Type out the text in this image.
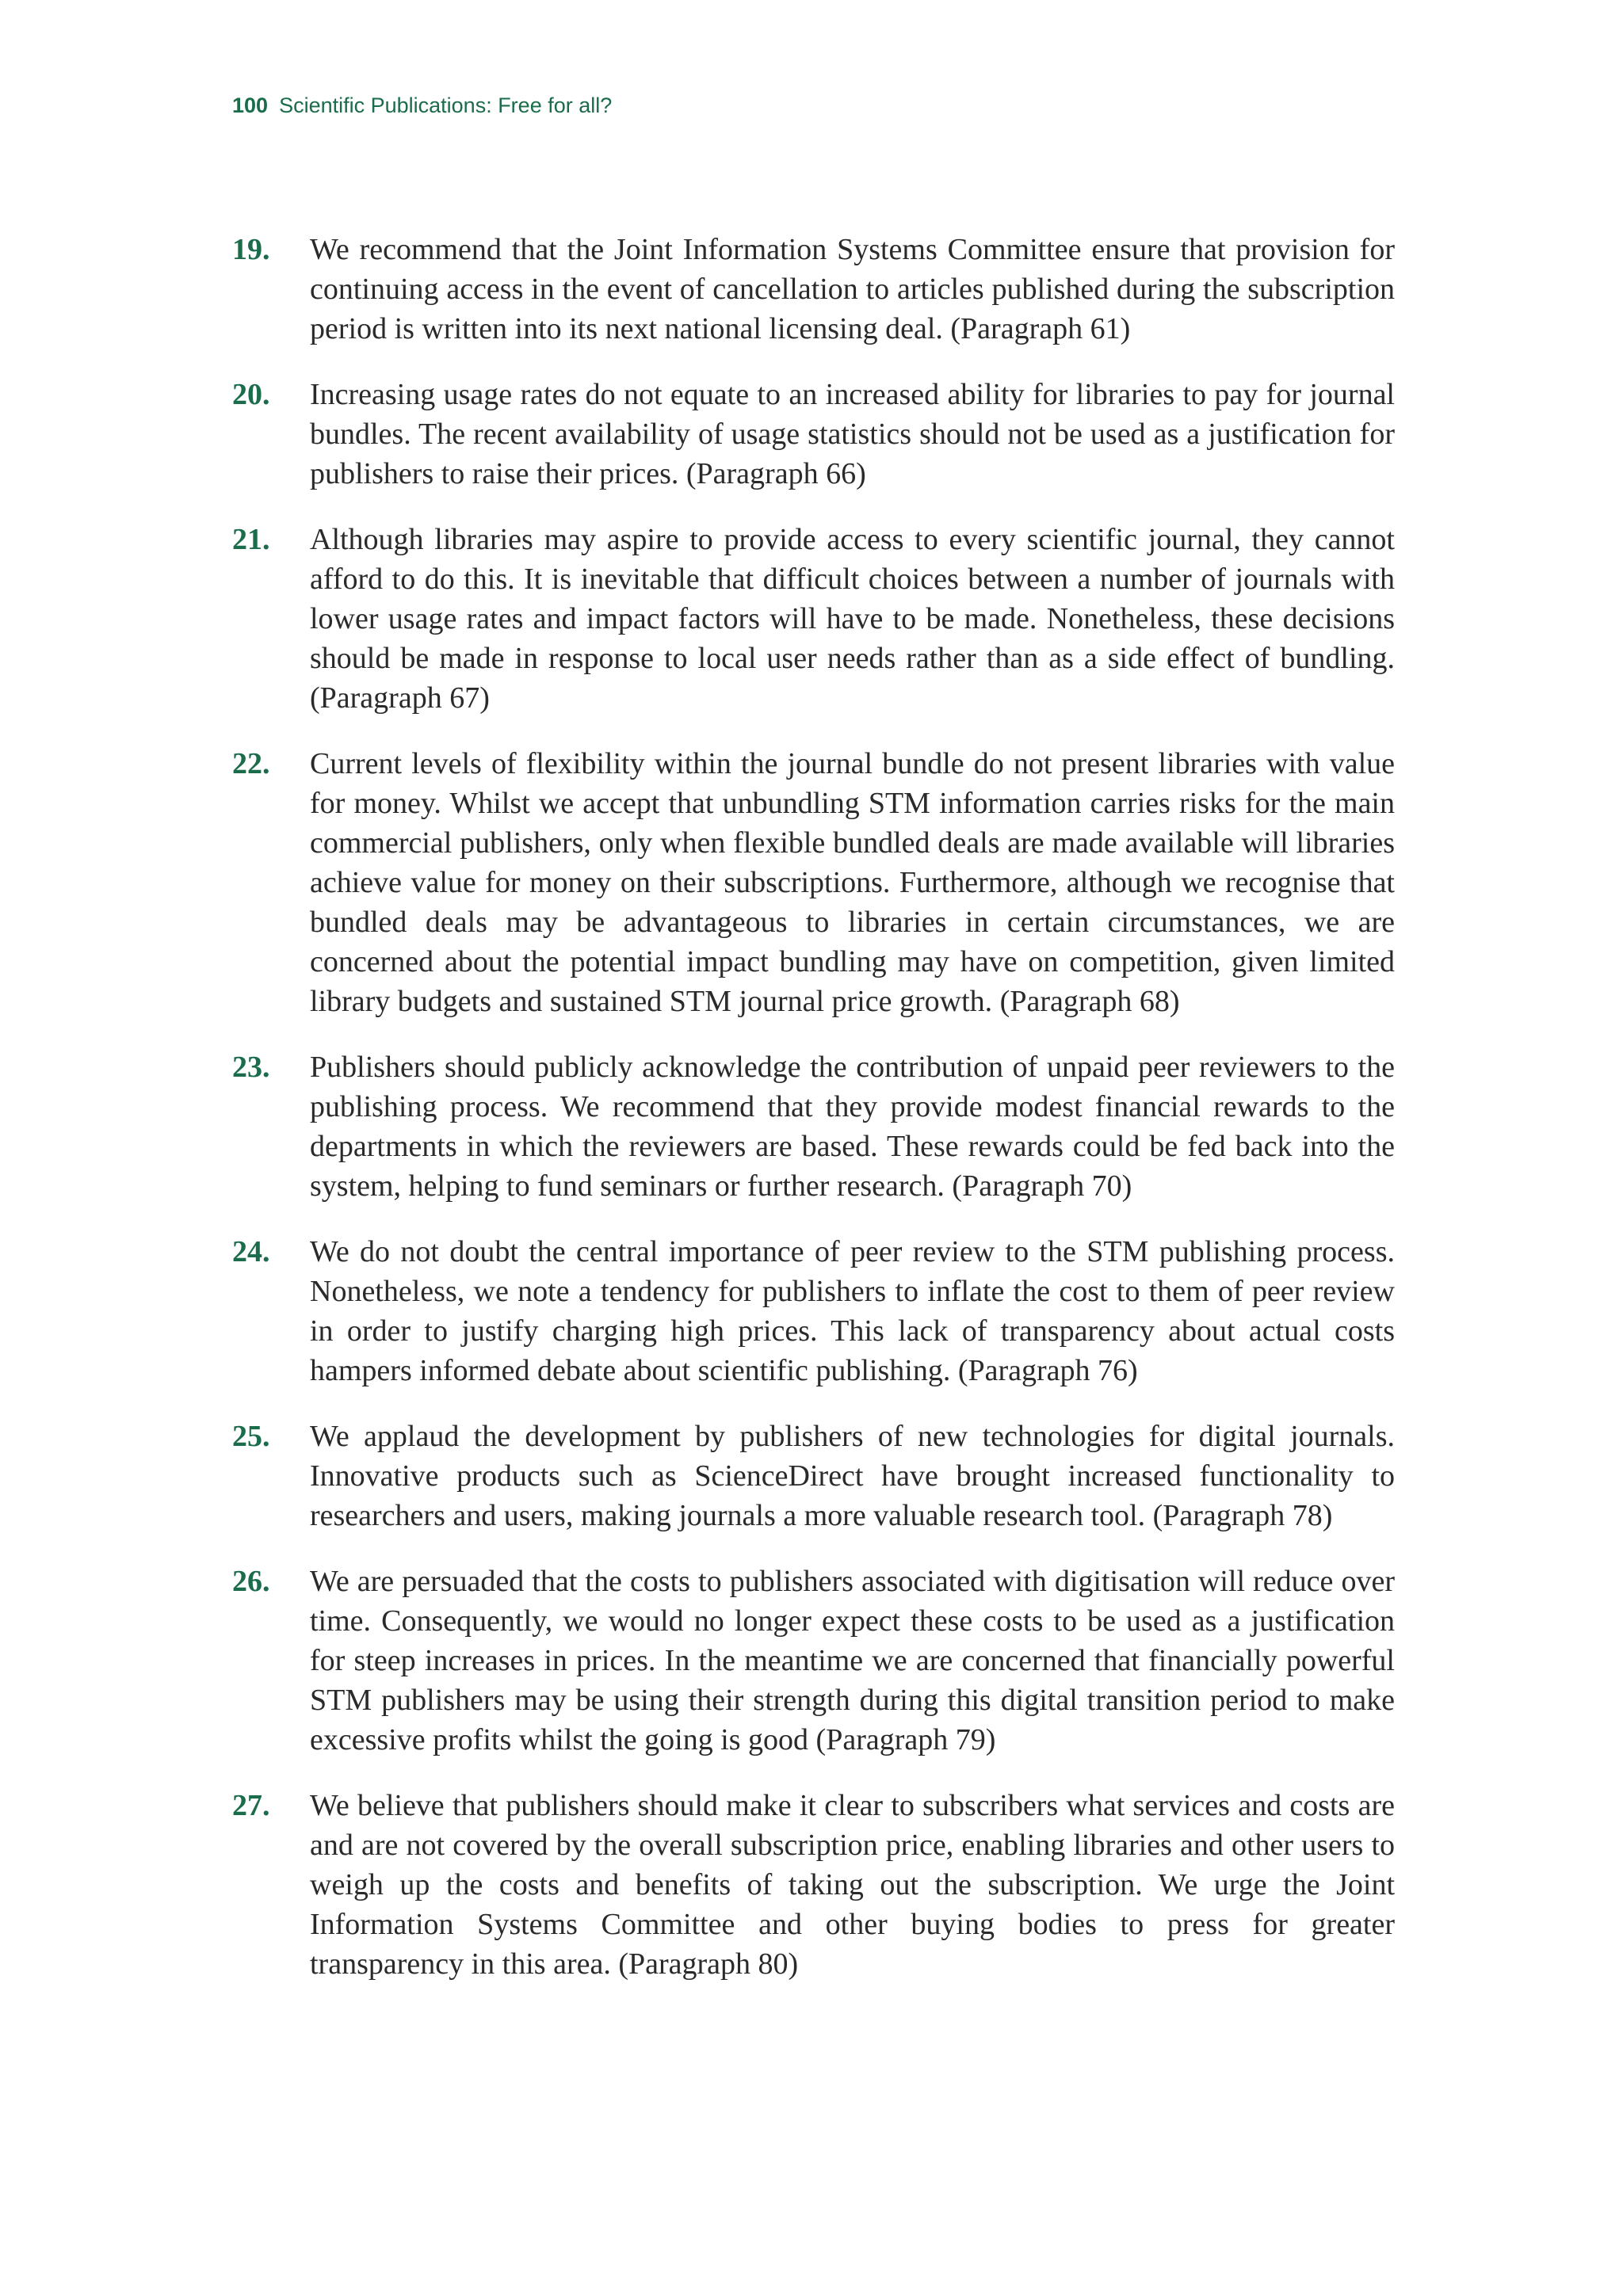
100 Scientific Publications: Free for all?
19. We recommend that the Joint Information Systems Committee ensure that provision for continuing access in the event of cancellation to articles published during the subscription period is written into its next national licensing deal. (Paragraph 61)
20. Increasing usage rates do not equate to an increased ability for libraries to pay for journal bundles. The recent availability of usage statistics should not be used as a justification for publishers to raise their prices. (Paragraph 66)
21. Although libraries may aspire to provide access to every scientific journal, they cannot afford to do this. It is inevitable that difficult choices between a number of journals with lower usage rates and impact factors will have to be made. Nonetheless, these decisions should be made in response to local user needs rather than as a side effect of bundling. (Paragraph 67)
22. Current levels of flexibility within the journal bundle do not present libraries with value for money. Whilst we accept that unbundling STM information carries risks for the main commercial publishers, only when flexible bundled deals are made available will libraries achieve value for money on their subscriptions. Furthermore, although we recognise that bundled deals may be advantageous to libraries in certain circumstances, we are concerned about the potential impact bundling may have on competition, given limited library budgets and sustained STM journal price growth. (Paragraph 68)
23. Publishers should publicly acknowledge the contribution of unpaid peer reviewers to the publishing process. We recommend that they provide modest financial rewards to the departments in which the reviewers are based. These rewards could be fed back into the system, helping to fund seminars or further research. (Paragraph 70)
24. We do not doubt the central importance of peer review to the STM publishing process. Nonetheless, we note a tendency for publishers to inflate the cost to them of peer review in order to justify charging high prices. This lack of transparency about actual costs hampers informed debate about scientific publishing. (Paragraph 76)
25. We applaud the development by publishers of new technologies for digital journals. Innovative products such as ScienceDirect have brought increased functionality to researchers and users, making journals a more valuable research tool. (Paragraph 78)
26. We are persuaded that the costs to publishers associated with digitisation will reduce over time. Consequently, we would no longer expect these costs to be used as a justification for steep increases in prices. In the meantime we are concerned that financially powerful STM publishers may be using their strength during this digital transition period to make excessive profits whilst the going is good (Paragraph 79)
27. We believe that publishers should make it clear to subscribers what services and costs are and are not covered by the overall subscription price, enabling libraries and other users to weigh up the costs and benefits of taking out the subscription. We urge the Joint Information Systems Committee and other buying bodies to press for greater transparency in this area. (Paragraph 80)
